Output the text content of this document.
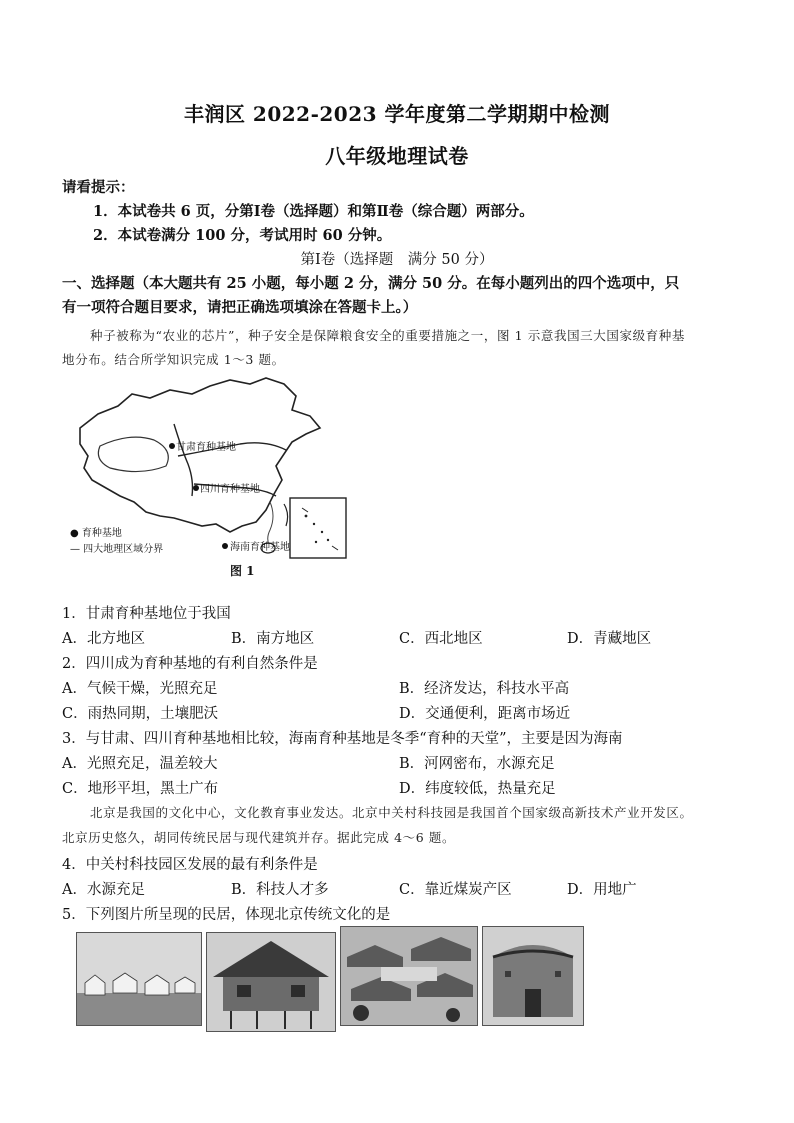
丰润区 2022-2023 学年度第二学期期中检测
八年级地理试卷
请看提示：
1．本试卷共 6 页，分第Ⅰ卷（选择题）和第Ⅱ卷（综合题）两部分。
2．本试卷满分 100 分，考试用时 60 分钟。
第Ⅰ卷（选择题　满分 50 分）
一、选择题（本大题共有 25 小题，每小题 2 分，满分 50 分。在每小题列出的四个选项中，只
有一项符合题目要求，请把正确选项填涂在答题卡上。）
种子被称为“农业的芯片”，种子安全是保障粮食安全的重要措施之一，图 1 示意我国三大国家级育种基
地分布。结合所学知识完成 1～3 题。
甘肃育种基地
四川育种基地
海南育种基地
● 育种基地
— 四大地理区域分界
图 1
1．甘肃育种基地位于我国
A．北方地区	B．南方地区	C．西北地区	D．青藏地区
2．四川成为育种基地的有利自然条件是
A．气候干燥，光照充足	B．经济发达，科技水平高
C．雨热同期，土壤肥沃	D．交通便利，距离市场近
3．与甘肃、四川育种基地相比较，海南育种基地是冬季“育种的天堂”，主要是因为海南
A．光照充足，温差较大	B．河网密布，水源充足
C．地形平坦，黑土广布	D．纬度较低，热量充足
北京是我国的文化中心，文化教育事业发达。北京中关村科技园是我国首个国家级高新技术产业开发区。
北京历史悠久，胡同传统民居与现代建筑并存。据此完成 4～6 题。
4．中关村科技园区发展的最有利条件是
A．水源充足	B．科技人才多	C．靠近煤炭产区	D．用地广
5．下列图片所呈现的民居，体现北京传统文化的是
